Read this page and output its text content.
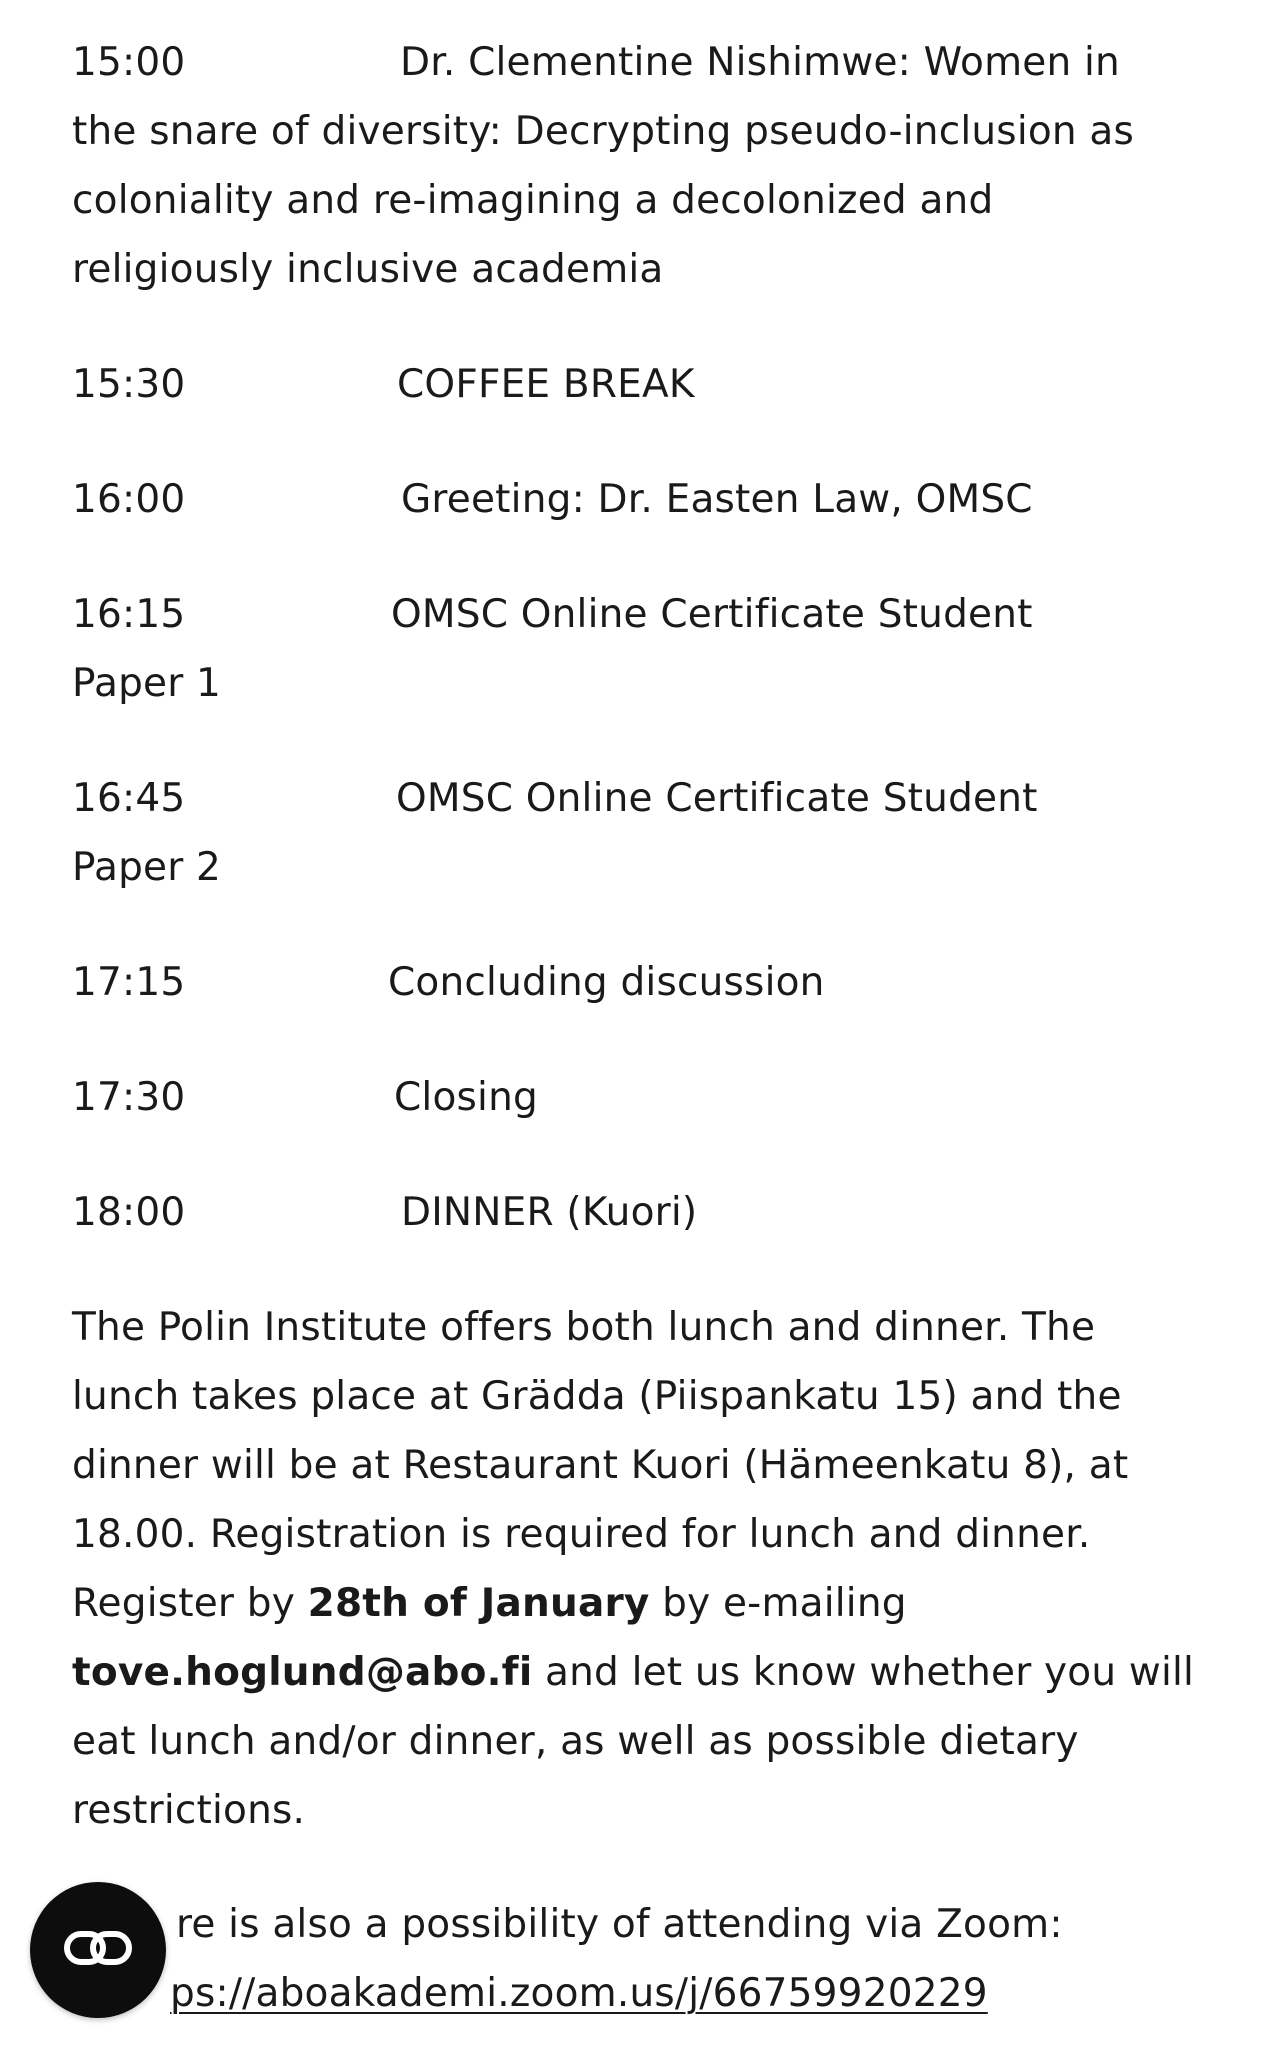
15:00	Dr. Clementine Nishimwe: Women in

the snare of diversity: Decrypting pseudo-inclusion as coloniality and re-imagining a decolonized and religiously inclusive academia

15:30	COFFEE BREAK

16:00	Greeting: Dr. Easten Law, OMSC

16:15	OMSC Online Certificate Student

Paper 1

16:45	OMSC Online Certificate Student

Paper 2

17:15	Concluding discussion

17:30	Closing

18:00	DINNER (Kuori)

The Polin Institute offers both lunch and dinner. The lunch takes place at Grädda (Piispankatu 15) and the dinner will be at Restaurant Kuori (Hämeenkatu 8), at 18.00. Registration is required for lunch and dinner. Register by 28th of January by e-mailing tove.hoglund@abo.fi and let us know whether you will eat lunch and/or dinner, as well as possible dietary restrictions.

re is also a possibility of attending via Zoom:
ps://aboakademi.zoom.us/j/66759920229
